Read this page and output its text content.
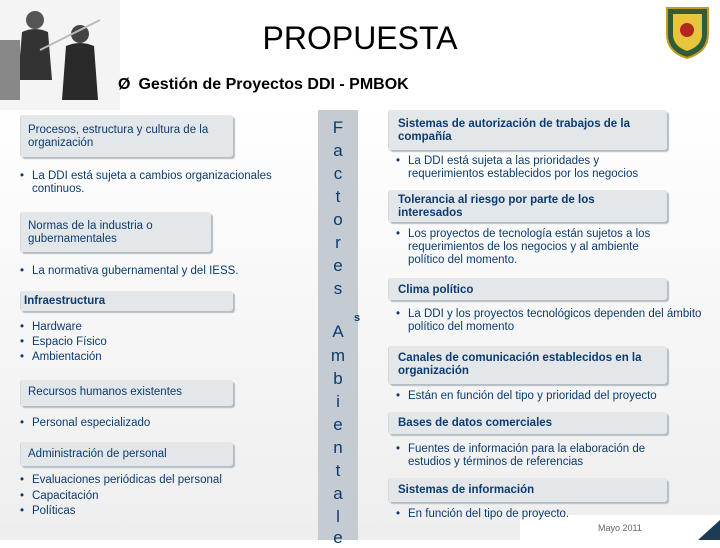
PROPUESTA
Ø Gestión de Proyectos DDI - PMBOK
F
a
c
t
o
r
e
s
A
m
b
i
e
n
t
a
l
e
s
Procesos, estructura y cultura de la organización
• La DDI está sujeta a cambios organizacionales continuos.
Normas de la industria o gubernamentales
• La normativa gubernamental y del IESS.
Infraestructura
• Hardware
• Espacio Físico
• Ambientación
Recursos humanos existentes
• Personal especializado
Administración de personal
• Evaluaciones periódicas del personal
• Capacitación
• Políticas
Sistemas de autorización de trabajos de la compañía
• La DDI está sujeta a las prioridades y requerimientos establecidos por los negocios
Tolerancia al riesgo por parte de los interesados
• Los proyectos de tecnología están sujetos a los requerimientos de los negocios y al ambiente político del momento.
Clima político
• La DDI y los proyectos tecnológicos dependen del ámbito político del momento
Canales de comunicación establecidos en la organización
• Están en función del tipo y prioridad del proyecto
Bases de datos comerciales
• Fuentes de información para la elaboración de estudios y términos de referencias
Sistemas de información
Mayo 2011
• En función del tipo de proyecto.
